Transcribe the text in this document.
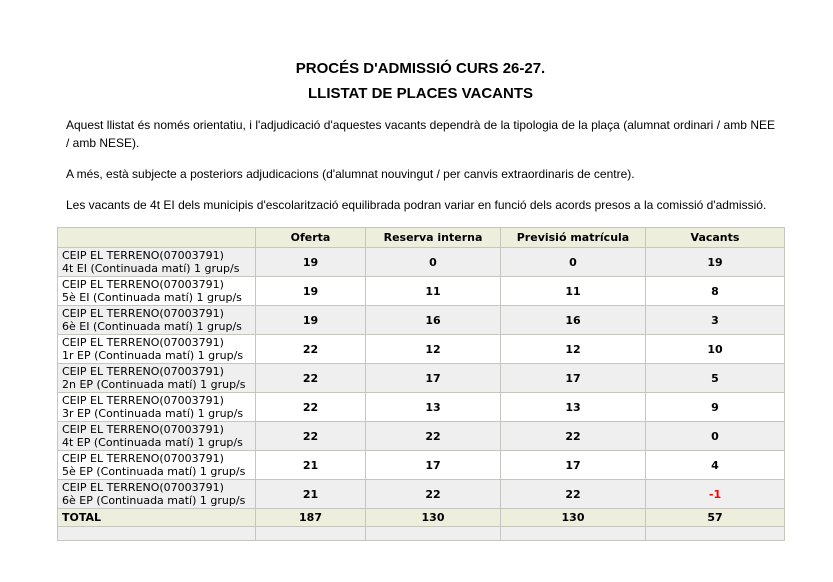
PROCÉS D'ADMISSIÓ CURS 26-27.
LLISTAT DE PLACES VACANTS

Aquest llistat és només orientatiu, i l'adjudicació d'aquestes vacants dependrà de la tipologia de la plaça (alumnat ordinari / amb NEE / amb NESE).

A més, està subjecte a posteriors adjudicacions (d'alumnat nouvingut / per canvis extraordinaris de centre).

Les vacants de 4t EI dels municipis d'escolarització equilibrada podran variar en funció dels acords presos a la comissió d'admissió.

	Oferta	Reserva interna	Previsió matrícula	Vacants

CEIP EL TERRENO(07003791)
4t EI (Continuada matí) 1 grup/s	19	0	0	19

CEIP EL TERRENO(07003791)
5è EI (Continuada matí) 1 grup/s	19	11	11	8

CEIP EL TERRENO(07003791)
6è EI (Continuada matí) 1 grup/s	19	16	16	3

CEIP EL TERRENO(07003791)
1r EP (Continuada matí) 1 grup/s	22	12	12	10

CEIP EL TERRENO(07003791)
2n EP (Continuada matí) 1 grup/s	22	17	17	5

CEIP EL TERRENO(07003791)
3r EP (Continuada matí) 1 grup/s	22	13	13	9

CEIP EL TERRENO(07003791)
4t EP (Continuada matí) 1 grup/s	22	22	22	0

CEIP EL TERRENO(07003791)
5è EP (Continuada matí) 1 grup/s	21	17	17	4

CEIP EL TERRENO(07003791)
6è EP (Continuada matí) 1 grup/s	21	22	22	-1
TOTAL	187	130	130	57
